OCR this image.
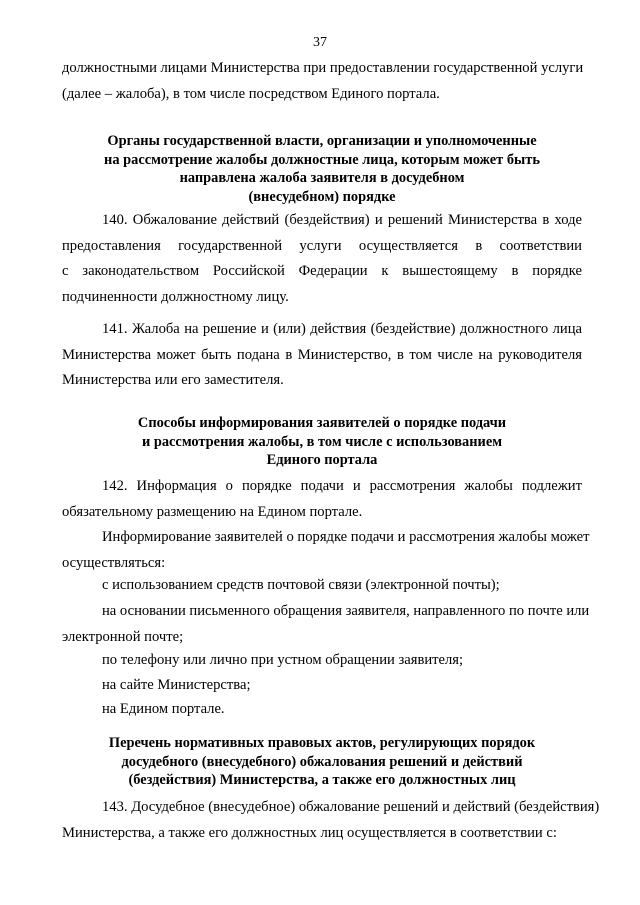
37
должностными лицами Министерства при предоставлении государственной услуги
(далее – жалоба), в том числе посредством Единого портала.
Органы государственной власти, организации и уполномоченные
на рассмотрение жалобы должностные лица, которым может быть
направлена жалоба заявителя в досудебном
(внесудебном) порядке
140. Обжалование действий (бездействия) и решений Министерства в ходе
предоставления государственной услуги осуществляется в соответствии
с законодательством Российской Федерации к вышестоящему в порядке
подчиненности должностному лицу.
141. Жалоба на решение и (или) действия (бездействие) должностного лица
Министерства может быть подана в Министерство, в том числе на руководителя
Министерства или его заместителя.
Способы информирования заявителей о порядке подачи
и рассмотрения жалобы, в том числе с использованием
Единого портала
142. Информация о порядке подачи и рассмотрения жалобы подлежит
обязательному размещению на Едином портале.
Информирование заявителей о порядке подачи и рассмотрения жалобы может
осуществляться:
с использованием средств почтовой связи (электронной почты);
на основании письменного обращения заявителя, направленного по почте или
электронной почте;
по телефону или лично при устном обращении заявителя;
на сайте Министерства;
на Едином портале.
Перечень нормативных правовых актов, регулирующих порядок
досудебного (внесудебного) обжалования решений и действий
(бездействия) Министерства, а также его должностных лиц
143. Досудебное (внесудебное) обжалование решений и действий (бездействия)
Министерства, а также его должностных лиц осуществляется в соответствии с:
